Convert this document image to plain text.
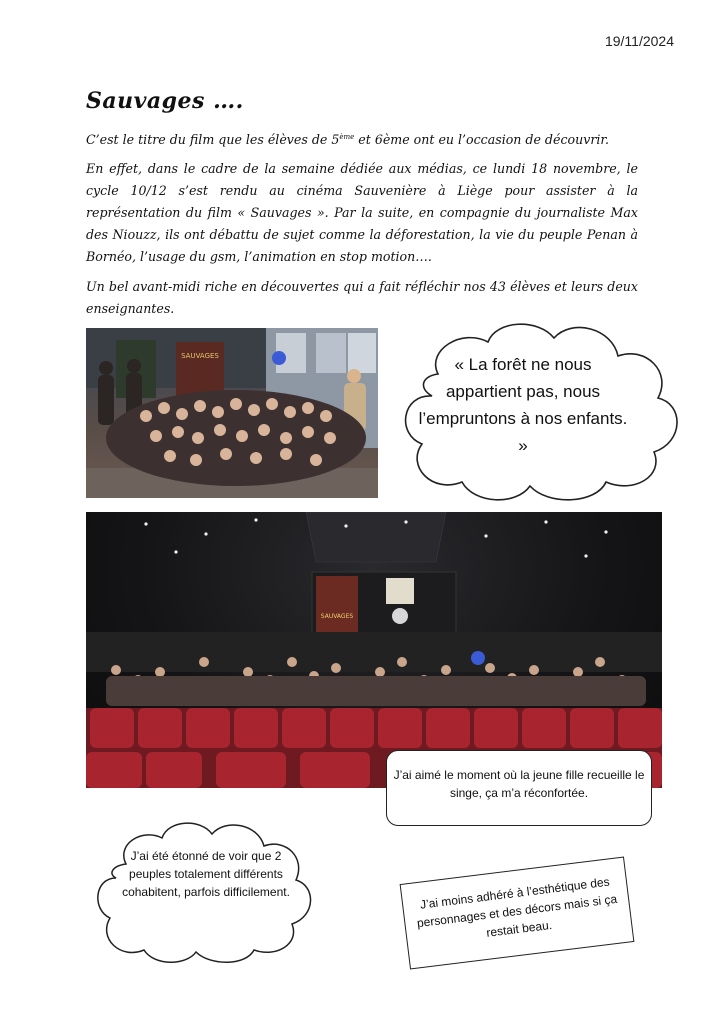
19/11/2024
Sauvages ….
C’est le titre du film que les élèves de 5ème et 6ème ont eu l’occasion de découvrir.
En effet, dans le cadre de la semaine dédiée aux médias, ce lundi 18 novembre, le cycle 10/12 s’est rendu au cinéma Sauvenière à Liège pour assister à la représentation du film « Sauvages ». Par la suite, en compagnie du journaliste Max des Niouzz, ils ont débattu de sujet comme la déforestation, la vie du peuple Penan à Bornéo, l’usage du gsm, l’animation en stop motion….
Un bel avant-midi riche en découvertes qui a fait réfléchir nos 43 élèves et leurs deux enseignantes.
SAUVAGES	« La forêt ne nous appartient pas, nous l’empruntons à nos enfants. »
SAUVAGES
J’ai aimé le moment où la jeune fille recueille le singe, ça m’a réconfortée.
J’ai été étonné de voir que 2 peuples totalement différents cohabitent, parfois difficilement.	J’ai moins adhéré à l’esthétique des personnages et des décors mais si ça restait beau.
